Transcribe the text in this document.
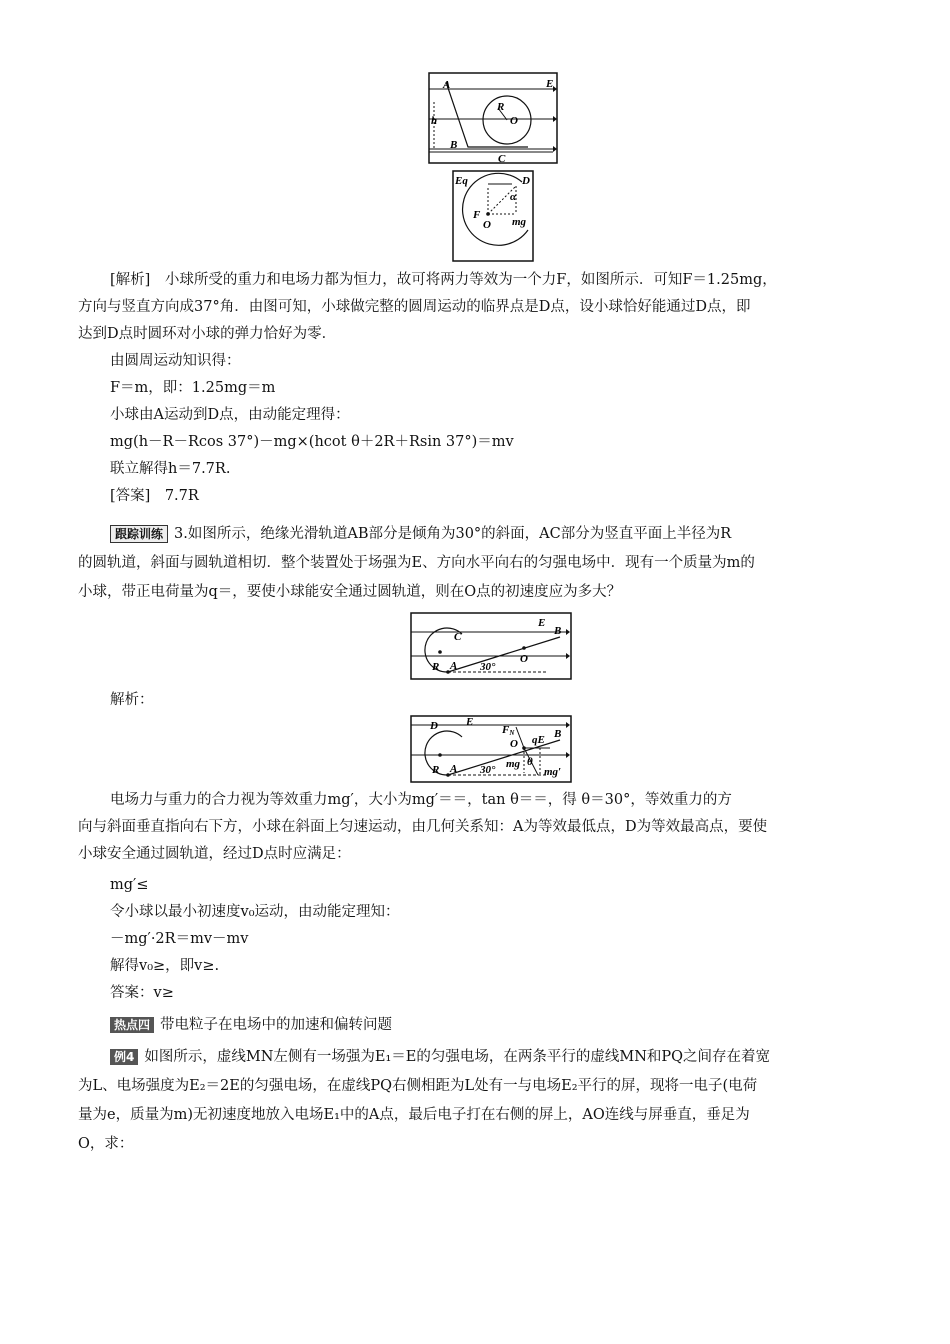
A	E
R
O
h
B
C
Eq	D
α
F
O mg
[解析]　小球所受的重力和电场力都为恒力，故可将两力等效为一个力F，如图所示．可知F＝1.25mg，
方向与竖直方向成37°角．由图可知，小球做完整的圆周运动的临界点是D点，设小球恰好能通过D点，即
达到D点时圆环对小球的弹力恰好为零．
由圆周运动知识得：
F＝m，即：1.25mg＝m
小球由A运动到D点，由动能定理得：
mg(h－R－Rcos 37°)－mg×(hcot θ＋2R＋Rsin 37°)＝mv
联立解得h＝7.7R.
[答案]　7.7R
跟踪训练 3.如图所示，绝缘光滑轨道AB部分是倾角为30°的斜面，AC部分为竖直平面上半径为R
的圆轨道，斜面与圆轨道相切．整个装置处于场强为E、方向水平向右的匀强电场中．现有一个质量为m的
小球，带正电荷量为q＝，要使小球能安全通过圆轨道，则在O点的初速度应为多大？
C
E
B
O
R A 30°
解析：
D	E
FN
O qE B
R A 30° mg θ
mg′
电场力与重力的合力视为等效重力mg′，大小为mg′＝＝，tan θ＝＝，得 θ＝30°，等效重力的方
向与斜面垂直指向右下方，小球在斜面上匀速运动，由几何关系知：A为等效最低点，D为等效最高点，要使
小球安全通过圆轨道，经过D点时应满足：
mg′≤
令小球以最小初速度v₀运动，由动能定理知：
－mg′·2R＝mv－mv
解得v₀≥，即v≥.
答案：v≥
热点四 带电粒子在电场中的加速和偏转问题
例4 如图所示，虚线MN左侧有一场强为E₁＝E的匀强电场，在两条平行的虚线MN和PQ之间存在着宽
为L、电场强度为E₂＝2E的匀强电场，在虚线PQ右侧相距为L处有一与电场E₂平行的屏，现将一电子(电荷
量为e，质量为m)无初速度地放入电场E₁中的A点，最后电子打在右侧的屏上，AO连线与屏垂直，垂足为
O，求：
